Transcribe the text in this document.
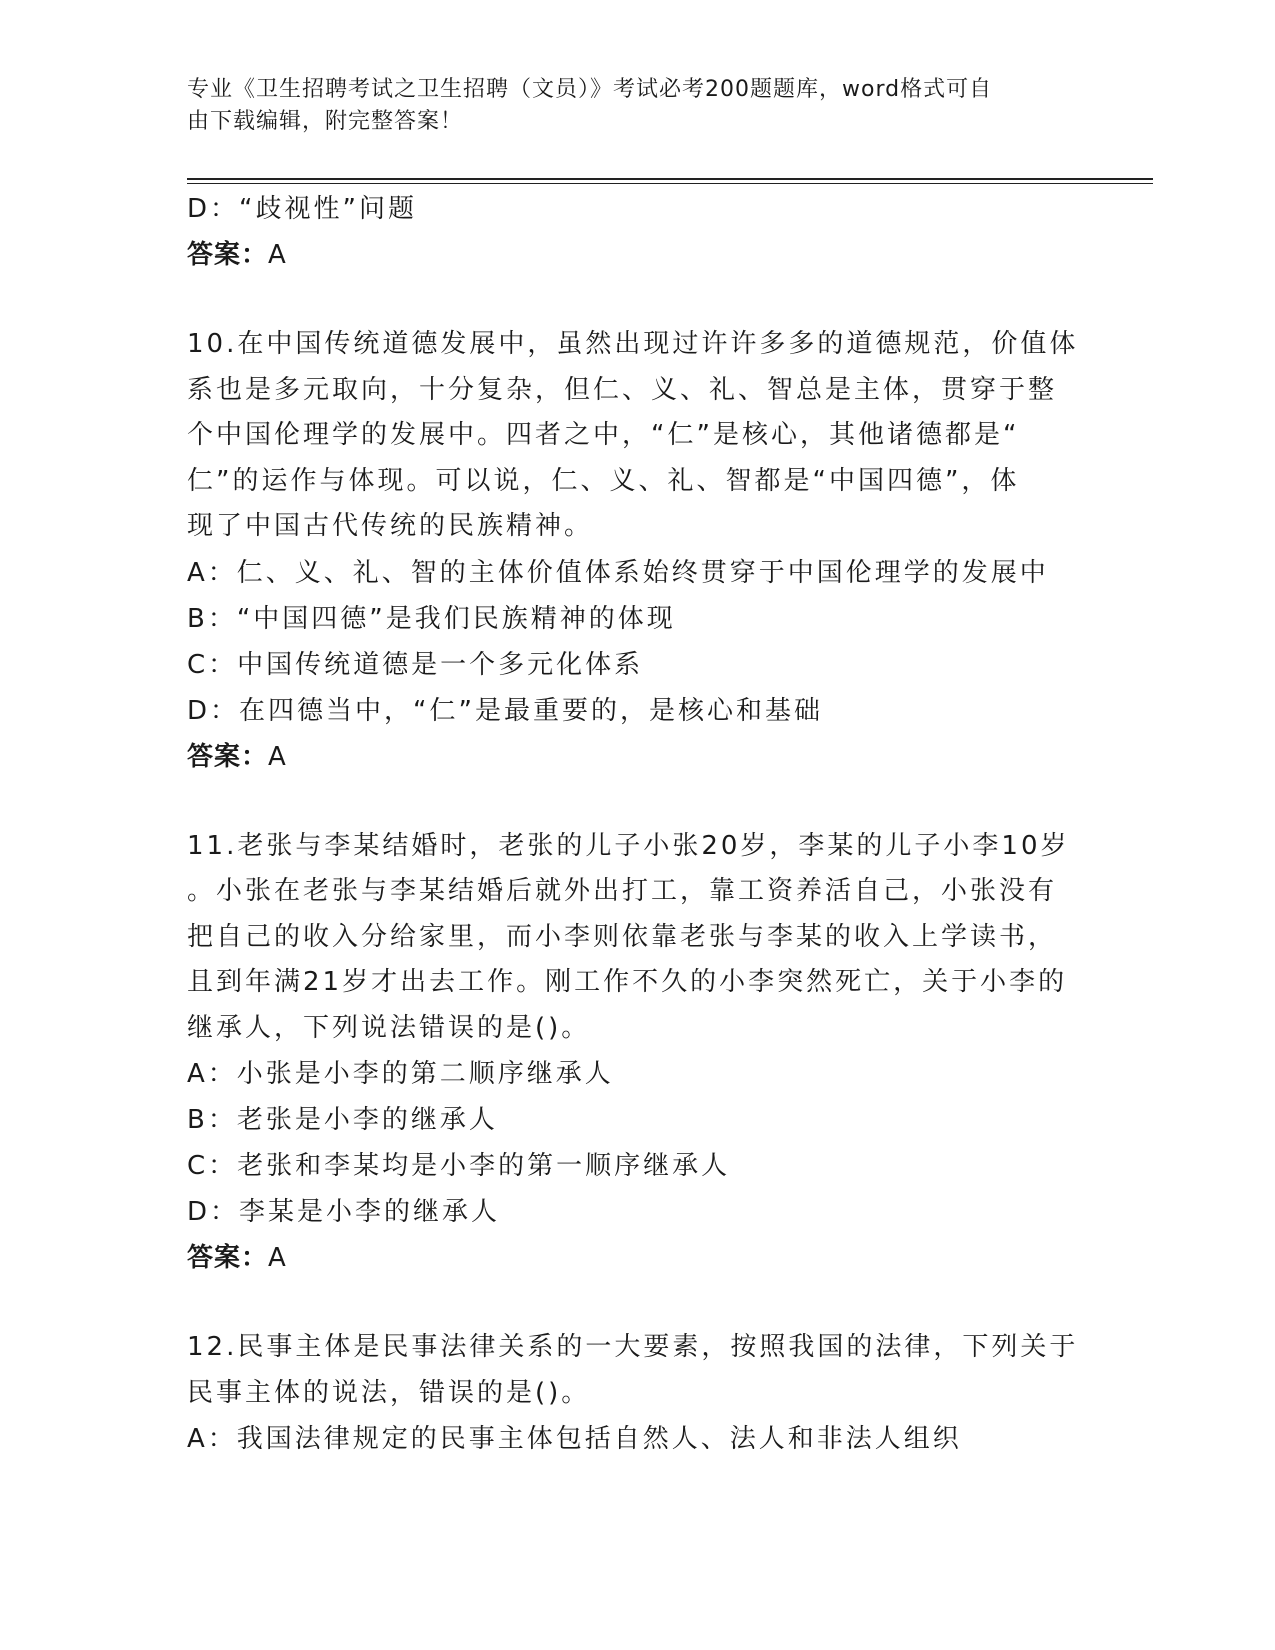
专业《卫生招聘考试之卫生招聘（文员）》考试必考200题题库，word格式可自
由下载编辑，附完整答案！
D：“歧视性”问题
答案：A
10.在中国传统道德发展中，虽然出现过许许多多的道德规范，价值体
系也是多元取向，十分复杂，但仁、义、礼、智总是主体，贯穿于整
个中国伦理学的发展中。四者之中，“仁”是核心，其他诸德都是“
仁”的运作与体现。可以说，仁、义、礼、智都是“中国四德”，体
现了中国古代传统的民族精神。
A：仁、义、礼、智的主体价值体系始终贯穿于中国伦理学的发展中
B：“中国四德”是我们民族精神的体现
C：中国传统道德是一个多元化体系
D：在四德当中，“仁”是最重要的，是核心和基础
答案：A
11.老张与李某结婚时，老张的儿子小张20岁，李某的儿子小李10岁
。小张在老张与李某结婚后就外出打工，靠工资养活自己，小张没有
把自己的收入分给家里，而小李则依靠老张与李某的收入上学读书，
且到年满21岁才出去工作。刚工作不久的小李突然死亡，关于小李的
继承人，下列说法错误的是()。
A：小张是小李的第二顺序继承人
B：老张是小李的继承人
C：老张和李某均是小李的第一顺序继承人
D：李某是小李的继承人
答案：A
12.民事主体是民事法律关系的一大要素，按照我国的法律，下列关于
民事主体的说法，错误的是()。
A：我国法律规定的民事主体包括自然人、法人和非法人组织
